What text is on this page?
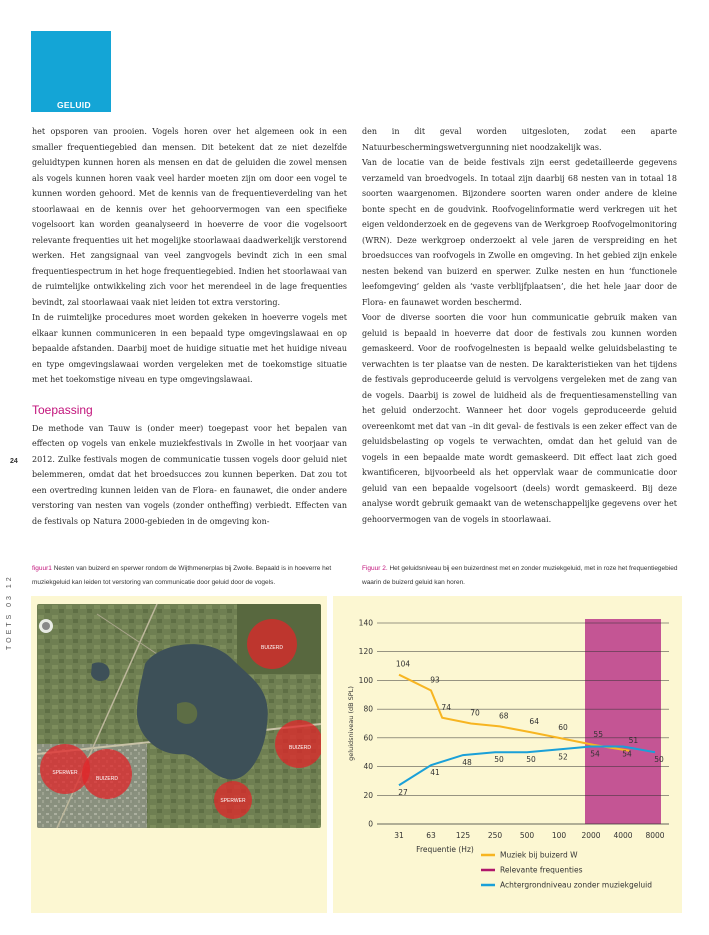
GELUID

het opsporen van prooien. Vogels horen over het algemeen ook in een smaller frequentiegebied dan mensen. Dit betekent dat ze niet dezelfde geluidtypen kunnen horen als mensen en dat de geluiden die zowel mensen als vogels kunnen horen vaak veel harder moeten zijn om door een vogel te kunnen worden gehoord. Met de kennis van de frequentieverdeling van het stoorlawaai en de kennis over het gehoorvermogen van een specifieke vogelsoort kan worden geanalyseerd in hoeverre de voor die vogelsoort relevante frequenties uit het mogelijke stoorlawaai daadwerkelijk verstorend werken. Het zangsignaal van veel zangvogels bevindt zich in een smal frequentiespectrum in het hoge frequentiegebied. Indien het stoorlawaai van de ruimtelijke ontwikkeling zich voor het merendeel in de lage frequenties bevindt, zal stoorlawaai vaak niet leiden tot extra verstoring.

In de ruimtelijke procedures moet worden gekeken in hoeverre vogels met elkaar kunnen communiceren in een bepaald type omgevingslawaai en op bepaalde afstanden. Daarbij moet de huidige situatie met het huidige niveau en type omgevingslawaai worden vergeleken met de toekomstige situatie met het toekomstige niveau en type omgevingslawaai.

Toepassing

De methode van Tauw is (onder meer) toegepast voor het bepalen van effecten op vogels van enkele muziekfestivals in Zwolle in het voorjaar van 2012. Zulke festivals mogen de communicatie tussen vogels door geluid niet belemmeren, omdat dat het broedsucces zou kunnen beperken. Dat zou tot een overtreding kunnen leiden van de Flora- en faunawet, die onder andere verstoring van nesten van vogels (zonder ontheffing) verbiedt. Effecten van de festivals op Natura 2000-gebieden in de omgeving kon-

den in dit geval worden uitgesloten, zodat een aparte Natuurbeschermingswetvergunning niet noodzakelijk was.

Van de locatie van de beide festivals zijn eerst gedetailleerde gegevens verzameld van broedvogels. In totaal zijn daarbij 68 nesten van in totaal 18 soorten waargenomen. Bijzondere soorten waren onder andere de kleine bonte specht en de goudvink. Roofvogelinformatie werd verkregen uit het eigen veldonderzoek en de gegevens van de Werkgroep Roofvogelmonitoring (WRN). Deze werkgroep onderzoekt al vele jaren de verspreiding en het broedsucces van roofvogels in Zwolle en omgeving. In het gebied zijn enkele nesten bekend van buizerd en sperwer. Zulke nesten en hun ‘functionele leefomgeving’ gelden als ‘vaste verblijfplaatsen’, die het hele jaar door de Flora- en faunawet worden beschermd.

Voor de diverse soorten die voor hun communicatie gebruik maken van geluid is bepaald in hoeverre dat door de festivals zou kunnen worden gemaskeerd. Voor de roofvogelnesten is bepaald welke geluidsbelasting te verwachten is ter plaatse van de nesten. De karakteristieken van het tijdens de festivals geproduceerde geluid is vervolgens vergeleken met de zang van de vogels. Daarbij is zowel de luidheid als de frequentiesamenstelling van het geluid onderzocht. Wanneer het door vogels geproduceerde geluid overeenkomt met dat van –in dit geval- de festivals is een zeker effect van de geluidsbelasting op vogels te verwachten, omdat dan het geluid van de vogels in een bepaalde mate wordt gemaskeerd. Dit effect laat zich goed kwantificeren, bijvoorbeeld als het oppervlak waar de communicatie door geluid van een bepaalde vogelsoort (deels) wordt gemaskeerd. Bij deze analyse wordt gebruik gemaakt van de wetenschappelijke gegevens over het gehoorvermogen van de vogels in stoorlawaai.

24
TOETS 03 12
figuur1 Nesten van buizerd en sperwer rondom de Wijthmenerplas bij Zwolle. Bepaald is in hoeverre het muziekgeluid kan leiden tot verstoring van communicatie door geluid door de vogels.
Figuur 2. Het geluidsniveau bij een buizerdnest met en zonder muziekgeluid, met in roze het frequentiegebied waarin de buizerd geluid kan horen.
BUIZERD
BUIZERD
SPERWER
BUIZERD
SPERWER
104
93
74
70	68
64
60
55
51
27
41
48	50	50	52	54	54
50
0
20
40
60
80
100
120
140
31	63	125 250 500 100 2000 4000 8000
Frequentie (Hz)
geluidsniveau (dB SPL)
Muziek bij buizerd W
Relevante frequenties
Achtergrondniveau zonder muziekgeluid
